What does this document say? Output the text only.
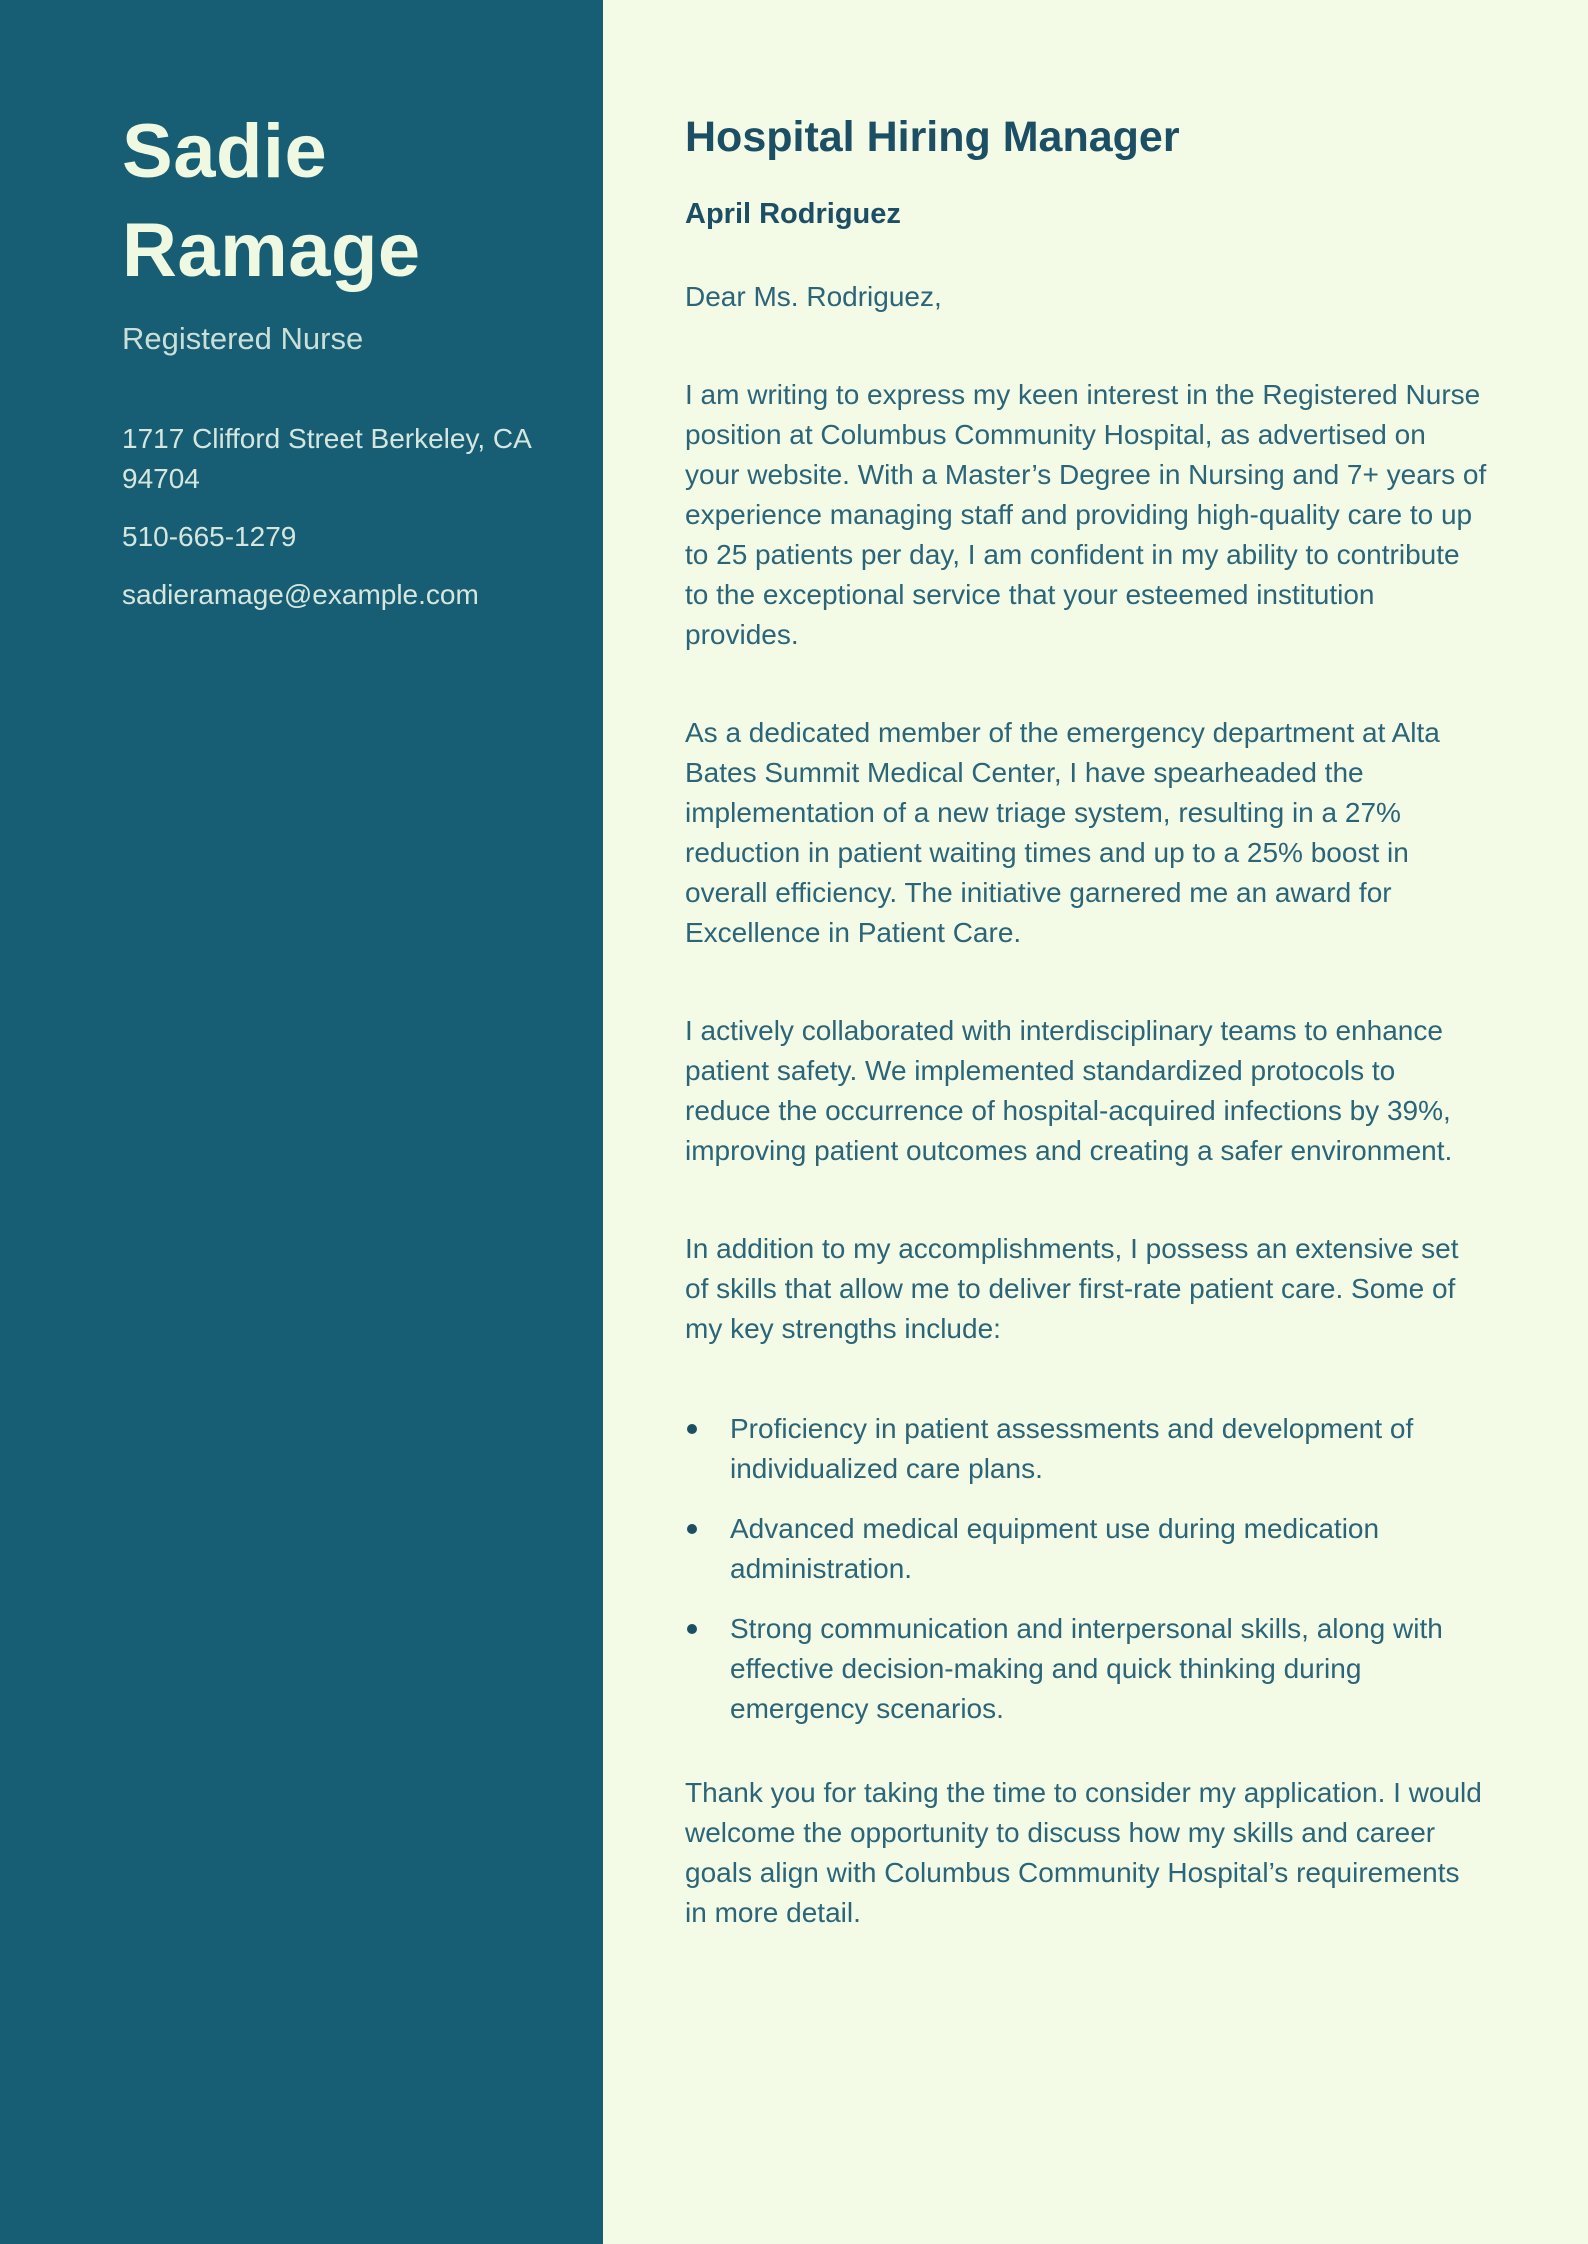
Sadie Ramage
Registered Nurse
1717 Clifford Street Berkeley, CA
94704
510-665-1279
sadieramage@example.com
Hospital Hiring Manager
April Rodriguez
Dear Ms. Rodriguez,

I am writing to express my keen interest in the Registered Nurse position at Columbus Community Hospital, as advertised on your website. With a Master’s Degree in Nursing and 7+ years of experience managing staff and providing high-quality care to up to 25 patients per day, I am confident in my ability to contribute to the exceptional service that your esteemed institution provides.

As a dedicated member of the emergency department at Alta Bates Summit Medical Center, I have spearheaded the implementation of a new triage system, resulting in a 27% reduction in patient waiting times and up to a 25% boost in overall efficiency. The initiative garnered me an award for Excellence in Patient Care.

I actively collaborated with interdisciplinary teams to enhance patient safety. We implemented standardized protocols to reduce the occurrence of hospital-acquired infections by 39%, improving patient outcomes and creating a safer environment.

In addition to my accomplishments, I possess an extensive set of skills that allow me to deliver first-rate patient care. Some of my key strengths include:

Proficiency in patient assessments and development of individualized care plans.
Advanced medical equipment use during medication administration.
Strong communication and interpersonal skills, along with effective decision-making and quick thinking during emergency scenarios.

Thank you for taking the time to consider my application. I would welcome the opportunity to discuss how my skills and career goals align with Columbus Community Hospital’s requirements in more detail.
